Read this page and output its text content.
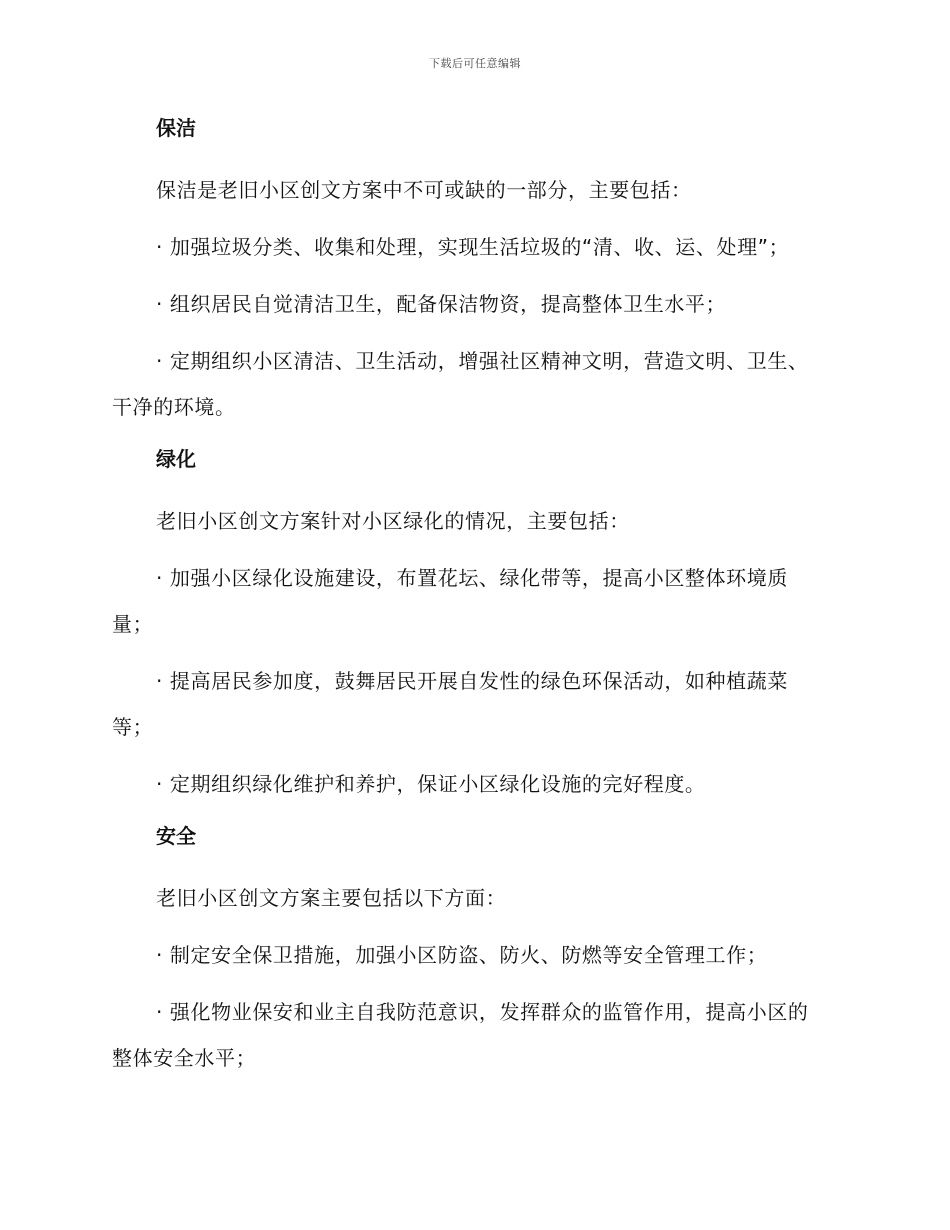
下载后可任意编辑
保洁
保洁是老旧小区创文方案中不可或缺的一部分，主要包括：
· 加强垃圾分类、收集和处理，实现生活垃圾的“清、收、运、处理”；
· 组织居民自觉清洁卫生，配备保洁物资，提高整体卫生水平；
· 定期组织小区清洁、卫生活动，增强社区精神文明，营造文明、卫生、干净的环境。
绿化
老旧小区创文方案针对小区绿化的情况，主要包括：
· 加强小区绿化设施建设，布置花坛、绿化带等，提高小区整体环境质量；
· 提高居民参加度，鼓舞居民开展自发性的绿色环保活动，如种植蔬菜等；
· 定期组织绿化维护和养护，保证小区绿化设施的完好程度。
安全
老旧小区创文方案主要包括以下方面：
· 制定安全保卫措施，加强小区防盗、防火、防燃等安全管理工作；
· 强化物业保安和业主自我防范意识，发挥群众的监管作用，提高小区的整体安全水平；
